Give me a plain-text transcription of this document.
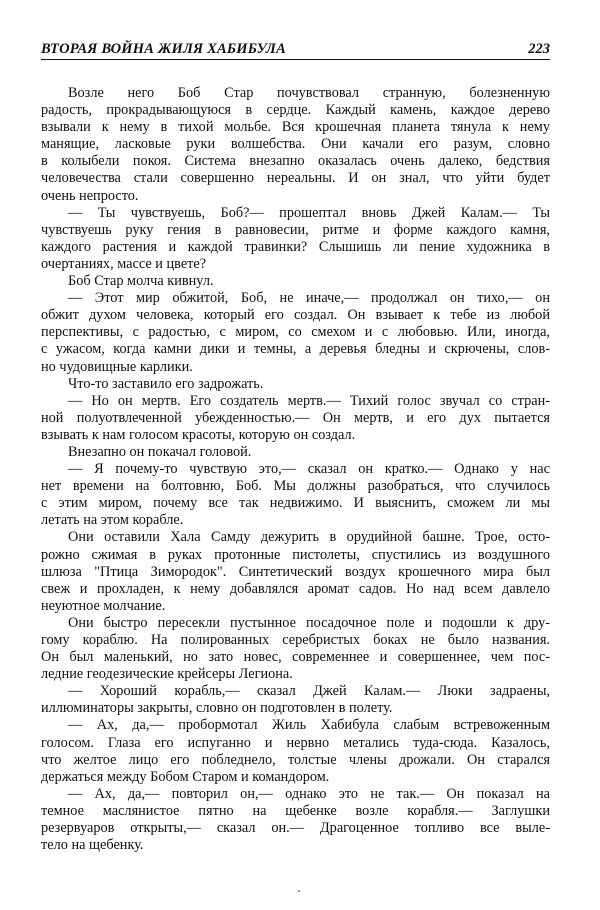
ВТОРАЯ ВОЙНА ЖИЛЯ ХАБИБУЛА	223
Возле него Боб Стар почувствовал странную, болезненную
радость, прокрадывающуюся в сердце. Каждый камень, каждое дерево
взывали к нему в тихой мольбе. Вся крошечная планета тянула к нему
манящие, ласковые руки волшебства. Они качали его разум, словно
в колыбели покоя. Система внезапно оказалась очень далеко, бедствия
человечества стали совершенно нереальны. И он знал, что уйти будет
очень непросто.
— Ты чувствуешь, Боб?— прошептал вновь Джей Калам.— Ты
чувствуешь руку гения в равновесии, ритме и форме каждого камня,
каждого растения и каждой травинки? Слышишь ли пение художника в
очертаниях, массе и цвете?
Боб Стар молча кивнул.
— Этот мир обжитой, Боб, не иначе,— продолжал он тихо,— он
обжит духом человека, который его создал. Он взывает к тебе из любой
перспективы, с радостью, с миром, со смехом и с любовью. Или, иногда,
с ужасом, когда камни дики и темны, а деревья бледны и скрючены, слов-
но чудовищные карлики.
Что-то заставило его задрожать.
— Но он мертв. Его создатель мертв.— Тихий голос звучал со стран-
ной полуотвлеченной убежденностью.— Он мертв, и его дух пытается
взывать к нам голосом красоты, которую он создал.
Внезапно он покачал головой.
— Я почему-то чувствую это,— сказал он кратко.— Однако у нас
нет времени на болтовню, Боб. Мы должны разобраться, что случилось
с этим миром, почему все так недвижимо. И выяснить, сможем ли мы
летать на этом корабле.
Они оставили Хала Самду дежурить в орудийной башне. Трое, осто-
рожно сжимая в руках протонные пистолеты, спустились из воздушного
шлюза "Птица Зимородок". Синтетический воздух крошечного мира был
свеж и прохладен, к нему добавлялся аромат садов. Но над всем давлело
неуютное молчание.
Они быстро пересекли пустынное посадочное поле и подошли к дру-
гому кораблю. На полированных серебристых боках не было названия.
Он был маленький, но зато новес, современнее и совершеннее, чем пос-
ледние геодезические крейсеры Легиона.
— Хороший корабль,— сказал Джей Калам.— Люки задраены,
иллюминаторы закрыты, словно он подготовлен в полету.
— Ах, да,— пробормотал Жиль Хабибула слабым встревоженным
голосом. Глаза его испуганно и нервно метались туда-сюда. Казалось,
что желтое лицо его побледнело, толстые члены дрожали. Он старался
держаться между Бобом Старом и командором.
— Ах, да,— повторил он,— однако это не так.— Он показал на
темное маслянистое пятно на щебенке возле корабля.— Заглушки
резервуаров открыты,— сказал он.— Драгоценное топливо все выле-
тело на щебенку.
